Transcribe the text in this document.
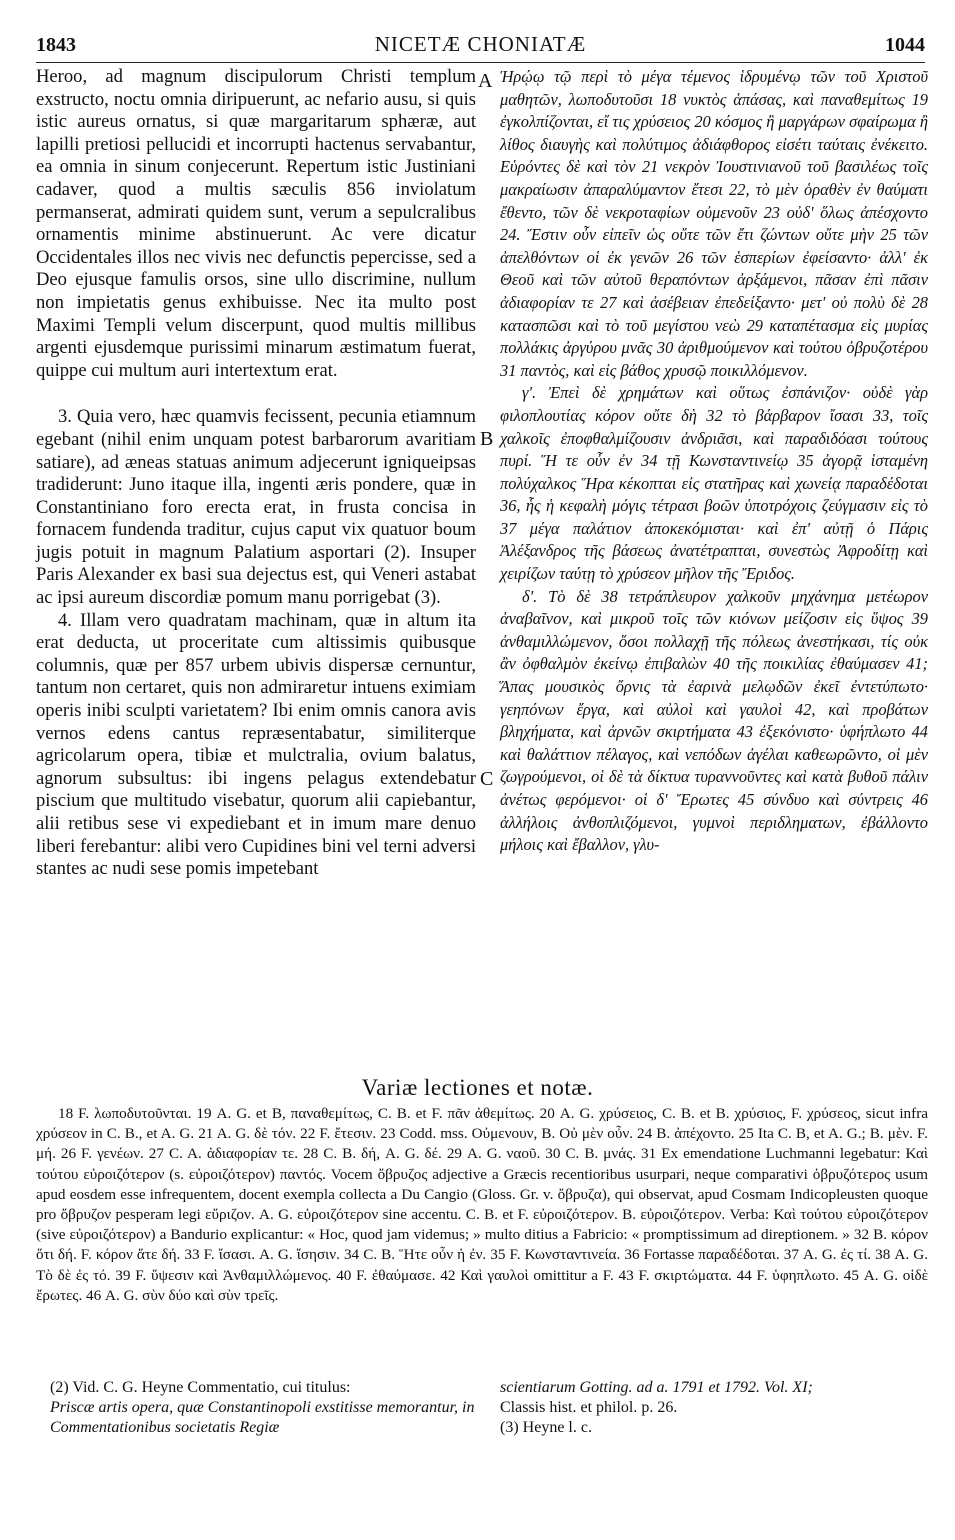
1843	NICETÆ CHONIATÆ	1044

Heroo, ad magnum discipulorum Christi templum exstructo, noctu omnia diripuerunt, ac nefario ausu, si quis istic aureus ornatus, si quæ margaritarum sphæræ, aut lapilli pretiosi pellucidi et incorrupti hactenus servabantur, ea omnia in sinum conjecerunt. Repertum istic Justiniani cadaver, quod a multis sæculis 856 inviolatum permanserat, admirati quidem sunt, verum a sepulcralibus ornamentis minime abstinuerunt. Ac vere dicatur Occidentales illos nec vivis nec defunctis pepercisse, sed a Deo ejusque famulis orsos, sine ullo discrimine, nullum non impietatis genus exhibuisse. Nec ita multo post Maximi Templi velum discerpunt, quod multis millibus argenti ejusdemque purissimi minarum æstimatum fuerat, quippe cui multum auri intertextum erat.

3. Quia vero, hæc quamvis fecissent, pecunia etiamnum egebant (nihil enim unquam potest barbarorum avaritiam satiare), ad æneas statuas animum adjecerunt igniqueipsas tradiderunt: Juno itaque illa, ingenti æris pondere, quæ in Constantiniano foro erecta erat, in frusta concisa in fornacem fundenda traditur, cujus caput vix quatuor boum jugis potuit in magnum Palatium asportari (2). Insuper Paris Alexander ex basi sua dejectus est, qui Veneri astabat ac ipsi aureum discordiæ pomum manu porrigebat (3).

4. Illam vero quadratam machinam, quæ in altum ita erat deducta, ut proceritate cum altissimis quibusque columnis, quæ per 857 urbem ubivis dispersæ cernuntur, tantum non certaret, quis non admiraretur intuens eximiam operis inibi sculpti varietatem? Ibi enim omnis canora avis vernos edens cantus repræsentabatur, similiterque agricolarum opera, tibiæ et mulctralia, ovium balatus, agnorum subsultus: ibi ingens pelagus extendebatur piscium que multitudo visebatur, quorum alii capiebantur, alii retibus sese vi expediebant et in imum mare denuo liberi ferebantur: alibi vero Cupidines bini vel terni adversi stantes ac nudi sese pomis impetebant

A
B
C

Ἡρῴῳ τῷ περὶ τὸ μέγα τέμενος ἱδρυμένῳ τῶν τοῦ Χριστοῦ μαθητῶν, λωποδυτοῦσι 18 νυκτὸς ἁπάσας, καὶ παναθεμίτως 19 ἐγκολπίζονται, εἴ τις χρύσειος 20 κόσμος ἢ μαργάρων σφαίρωμα ἢ λίθος διαυγὴς καὶ πολύτιμος ἀδιάφθορος εἰσέτι ταύταις ἐνέκειτο. Εὑρόντες δὲ καὶ τὸν 21 νεκρὸν Ἰουστινιανοῦ τοῦ βασιλέως τοῖς μακραίωσιν ἀπαραλύμαντον ἔτεσι 22, τὸ μὲν ὁραθὲν ἐν θαύματι ἔθεντο, τῶν δὲ νεκροταφίων οὐμενοῦν 23 οὐδ' ὅλως ἀπέσχοντο 24. Ἔστιν οὖν εἰπεῖν ὡς οὔτε τῶν ἔτι ζώντων οὔτε μὴν 25 τῶν ἀπελθόντων οἱ ἐκ γενῶν 26 τῶν ἑσπερίων ἐφείσαντο· ἀλλ' ἐκ Θεοῦ καὶ τῶν αὐτοῦ θεραπόντων ἀρξάμενοι, πᾶσαν ἐπὶ πᾶσιν ἀδιαφορίαν τε 27 καὶ ἀσέβειαν ἐπεδείξαντο· μετ' οὐ πολὺ δὲ 28 κατασπῶσι καὶ τὸ τοῦ μεγίστου νεὼ 29 καταπέτασμα εἰς μυρίας πολλάκις ἀργύρου μνᾶς 30 ἀριθμούμενον καὶ τούτου ὀβρυζοτέρου 31 παντὸς, καὶ εἰς βάθος χρυσῷ ποικιλλόμενον.

γ'. Ἐπεὶ δὲ χρημάτων καὶ οὕτως ἐσπάνιζον· οὐδὲ γὰρ φιλοπλουτίας κόρον οὔτε δὴ 32 τὸ βάρβαρον ἴσασι 33, τοῖς χαλκοῖς ἐποφθαλμίζουσιν ἀνδριᾶσι, καὶ παραδιδόασι τούτους πυρί. Ἥ τε οὖν ἐν 34 τῇ Κωνσταντινείῳ 35 ἀγορᾷ ἱσταμένη πολύχαλκος Ἥρα κέκοπται εἰς στατῆρας καὶ χωνείᾳ παραδέδοται 36, ἧς ἡ κεφαλὴ μόγις τέτρασι βοῶν ὑποτρόχοις ζεύγμασιν εἰς τὸ 37 μέγα παλάτιον ἀποκεκόμισται· καὶ ἐπ' αὐτῇ ὁ Πάρις Ἀλέξανδρος τῆς βάσεως ἀνατέτραπται, συνεστὼς Ἀφροδίτῃ καὶ χειρίζων ταύτῃ τὸ χρύσεον μῆλον τῆς Ἔριδος.

δ'. Τὸ δὲ 38 τετράπλευρον χαλκοῦν μηχάνημα μετέωρον ἀναβαῖνον, καὶ μικροῦ τοῖς τῶν κιόνων μείζοσιν εἰς ὕψος 39 ἀνθαμιλλώμενον, ὅσοι πολλαχῇ τῆς πόλεως ἀνεστήκασι, τίς οὐκ ἂν ὀφθαλμὸν ἐκείνῳ ἐπιβαλὼν 40 τῆς ποικιλίας ἐθαύμασεν 41; Ἅπας μουσικὸς ὄρνις τὰ ἐαρινὰ μελῳδῶν ἐκεῖ ἐντετύπωτο· γεηπόνων ἔργα, καὶ αὐλοὶ καὶ γαυλοὶ 42, καὶ προβάτων βληχήματα, καὶ ἀρνῶν σκιρτήματα 43 ἐξεκόνιστο· ὑφήπλωτο 44 καὶ θαλάττιον πέλαγος, καὶ νεπόδων ἀγέλαι καθεωρῶντο, οἱ μὲν ζωγρούμενοι, οἱ δὲ τὰ δίκτυα τυραννοῦντες καὶ κατὰ βυθοῦ πάλιν ἀνέτως φερόμενοι· οἱ δ' Ἔρωτες 45 σύνδυο καὶ σύντρεις 46 ἀλλήλοις ἀνθοπλιζόμενοι, γυμνοὶ περιδληματων, ἐβάλλοντο μήλοις καὶ ἔβαλλον, γλυ-

Variæ lectiones et notæ.

18 F. λωποδυτοῦνται. 19 A. G. et B, παναθεμίτως, C. B. et F. πᾶν ἀθεμίτως. 20 A. G. χρύσειος, C. B. et B. χρύσιος, F. χρύσεος, sicut infra χρύσεον in C. B., et A. G. 21 A. G. δὲ τόν. 22 F. ἔτεσιν. 23 Codd. mss. Οὐμενουν, B. Οὐ μὲν οὖν. 24 B. ἀπέχοντο. 25 Ita C. B, et A. G.; B. μὲν. F. μή. 26 F. γενέων. 27 C. A. ἀδιαφορίαν τε. 28 C. B. δή, A. G. δέ. 29 A. G. ναοῦ. 30 C. B. μνάς. 31 Ex emendatione Luchmanni legebatur: Καὶ τούτου εὐροιζότερον (s. εὐροιζότερον) παντός. Vocem ὄβρυζος adjective a Græcis recentioribus usurpari, neque comparativi ὀβρυζότερος usum apud eosdem esse infrequentem, docent exempla collecta a Du Cangio (Gloss. Gr. v. ὄβρυζα), qui observat, apud Cosmam Indicopleusten quoque pro ὄβρυζον pesperam legi εὔριζον. A. G. εὐροιζότερον sine accentu. C. B. et F. εὐροιζότερον. B. εὐροιζότερον. Verba: Καὶ τούτου εὐροιζότερον (sive εὐροιζότερον) a Bandurio explicantur: « Hoc, quod jam videmus; » multo ditius a Fabricio: « promptissimum ad direptionem. » 32 B. κόρον ὅτι δή. F. κόρον ἅτε δή. 33 F. ἴσασι. A. G. ἴσησιν. 34 C. B. Ἥτε οὖν ἡ ἐν. 35 F. Κωνσταντινεία. 36 Fortasse παραδέδοται. 37 A. G. ἐς τί. 38 A. G. Τὸ δὲ ἐς τό. 39 F. ὕψεσιν καὶ Ἀνθαμιλλώμενος. 40 F. ἐθαύμασε. 42 Καὶ γαυλοὶ omittitur a F. 43 F. σκιρτώματα. 44 F. ὑφηπλωτο. 45 A. G. οἱδὲ ἔρωτες. 46 A. G. σὺν δύο καὶ σὺν τρεῖς.

(2) Vid. C. G. Heyne Commentatio, cui titulus:

Priscæ artis opera, quæ Constantinopoli exstitisse memorantur, in Commentationibus societatis Regiæ

scientiarum Gotting. ad a. 1791 et 1792. Vol. XI;

Classis hist. et philol. p. 26.

(3) Heyne l. c.
